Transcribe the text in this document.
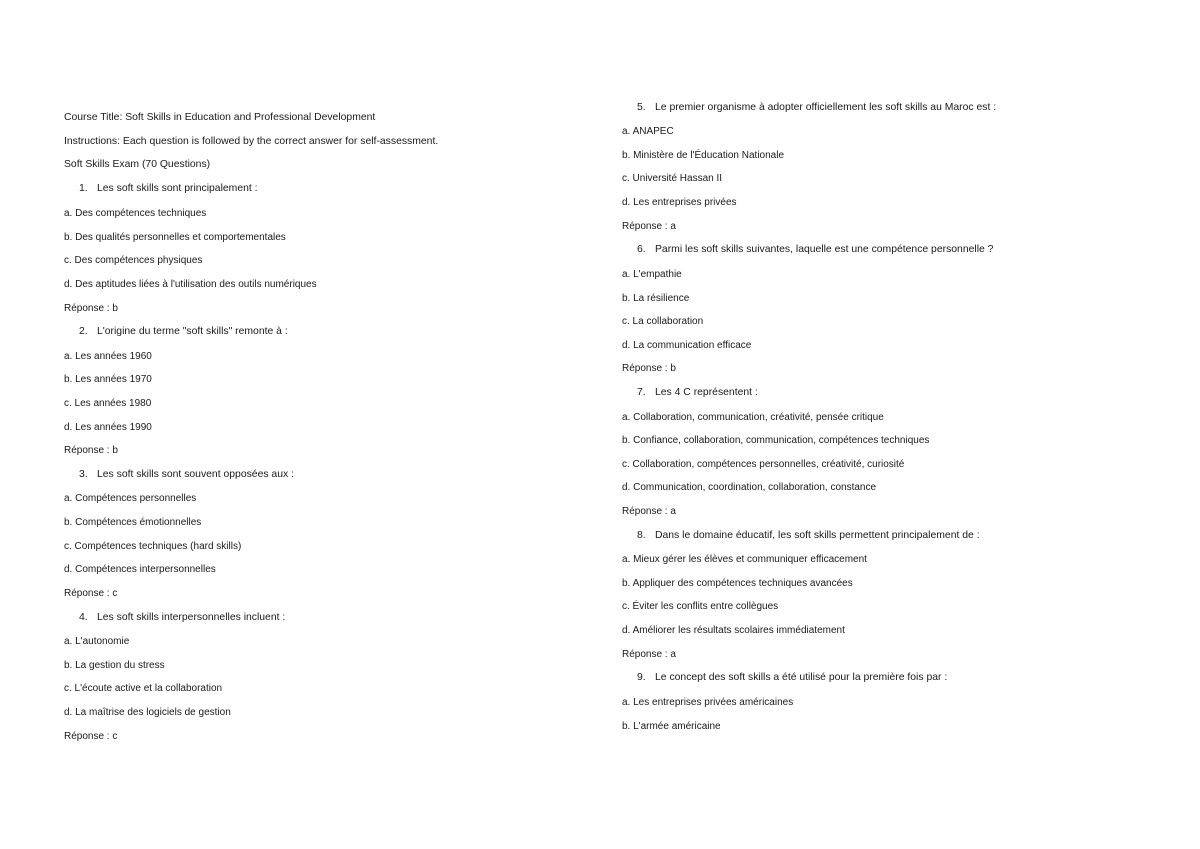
Course Title: Soft Skills in Education and Professional Development
Instructions: Each question is followed by the correct answer for self-assessment.
Soft Skills Exam (70 Questions)
1. Les soft skills sont principalement :
a. Des compétences techniques
b. Des qualités personnelles et comportementales
c. Des compétences physiques
d. Des aptitudes liées à l'utilisation des outils numériques
Réponse : b
2. L'origine du terme "soft skills" remonte à :
a. Les années 1960
b. Les années 1970
c. Les années 1980
d. Les années 1990
Réponse : b
3. Les soft skills sont souvent opposées aux :
a. Compétences personnelles
b. Compétences émotionnelles
c. Compétences techniques (hard skills)
d. Compétences interpersonnelles
Réponse : c
4. Les soft skills interpersonnelles incluent :
a. L'autonomie
b. La gestion du stress
c. L'écoute active et la collaboration
d. La maîtrise des logiciels de gestion
Réponse : c
5. Le premier organisme à adopter officiellement les soft skills au Maroc est :
a. ANAPEC
b. Ministère de l'Éducation Nationale
c. Université Hassan II
d. Les entreprises privées
Réponse : a
6. Parmi les soft skills suivantes, laquelle est une compétence personnelle ?
a. L'empathie
b. La résilience
c. La collaboration
d. La communication efficace
Réponse : b
7. Les 4 C représentent :
a. Collaboration, communication, créativité, pensée critique
b. Confiance, collaboration, communication, compétences techniques
c. Collaboration, compétences personnelles, créativité, curiosité
d. Communication, coordination, collaboration, constance
Réponse : a
8. Dans le domaine éducatif, les soft skills permettent principalement de :
a. Mieux gérer les élèves et communiquer efficacement
b. Appliquer des compétences techniques avancées
c. Éviter les conflits entre collègues
d. Améliorer les résultats scolaires immédiatement
Réponse : a
9. Le concept des soft skills a été utilisé pour la première fois par :
a. Les entreprises privées américaines
b. L'armée américaine
